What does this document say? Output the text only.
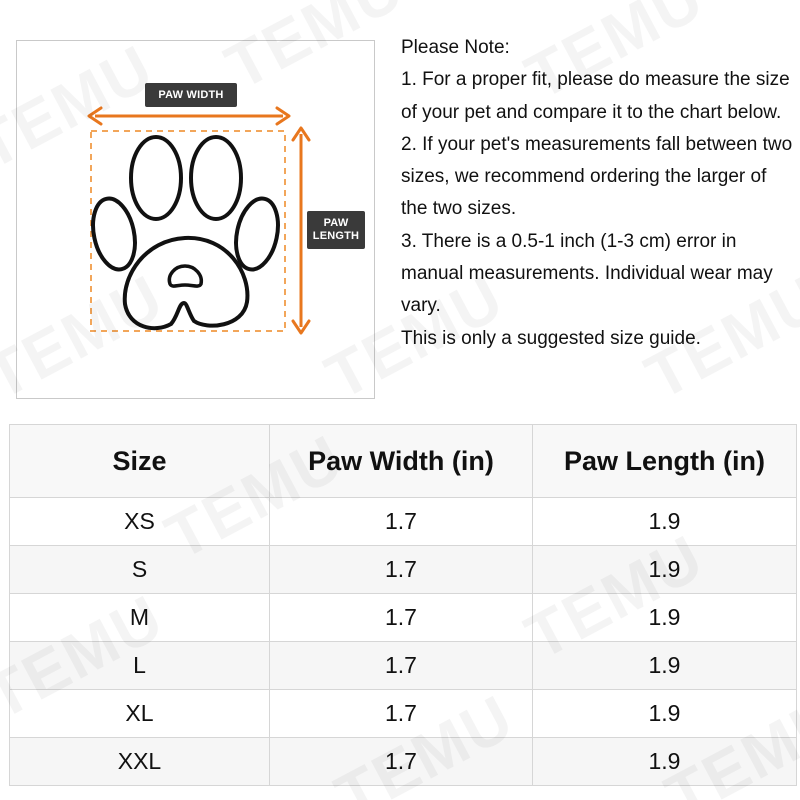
PAW WIDTH
PAW
LENGTH
Please Note:
1. For a proper fit, please do measure the size of your pet and compare it to the chart below.
2. If your pet's measurements fall between two sizes, we recommend ordering the larger of the two sizes.
3. There is a 0.5-1 inch (1-3 cm) error in manual measurements. Individual wear may vary.
This is only a suggested size guide.
Size	Paw Width (in)	Paw Length (in)
XS	1.7	1.9
S	1.7	1.9
M	1.7	1.9
L	1.7	1.9
XL	1.7	1.9
XXL	1.7	1.9
